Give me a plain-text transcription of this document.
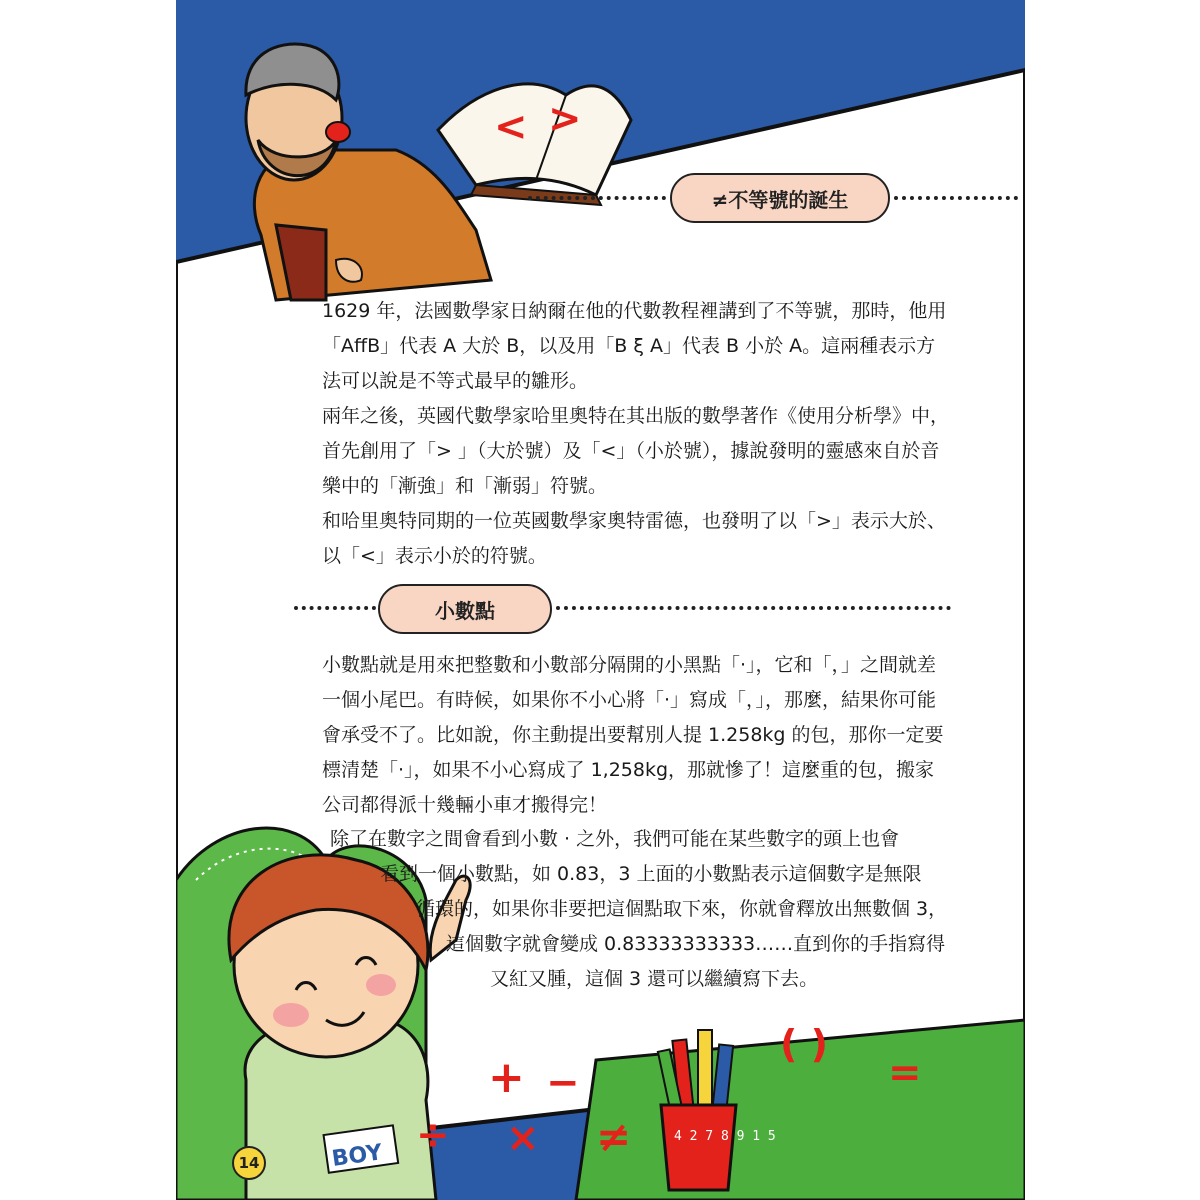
< >
BOY
4 2 7 8 9 1 5
≠不等號的誕生

1629 年，法國數學家日納爾在他的代數教程裡講到了不等號，那時，他用「AffB」代表 A 大於 B，以及用「B ξ A」代表 B 小於 A。這兩種表示方法可以說是不等式最早的雛形。

兩年之後，英國代數學家哈里奧特在其出版的數學著作《使用分析學》中，首先創用了「> 」（大於號）及「<」（小於號），據說發明的靈感來自於音樂中的「漸強」和「漸弱」符號。

和哈里奧特同期的一位英國數學家奧特雷德，也發明了以「>」表示大於、以「<」表示小於的符號。

小數點

小數點就是用來把整數和小數部分隔開的小黑點「·」，它和「，」之間就差一個小尾巴。有時候，如果你不小心將「·」寫成「，」，那麼，結果你可能會承受不了。比如說，你主動提出要幫別人提 1.258kg 的包，那你一定要標清楚「·」，如果不小心寫成了 1,258kg，那就慘了！這麼重的包，搬家公司都得派十幾輛小車才搬得完！

除了在數字之間會看到小數 · 之外，我們可能在某些數字的頭上也會
看到一個小數點，如 0.83，3 上面的小數點表示這個數字是無限
循環的，如果你非要把這個點取下來，你就會釋放出無數個 3，
這個數字就會變成 0.83333333333……直到你的手指寫得
又紅又腫，這個 3 還可以繼續寫下去。
+ −
( )
=
÷ × ≠
14
